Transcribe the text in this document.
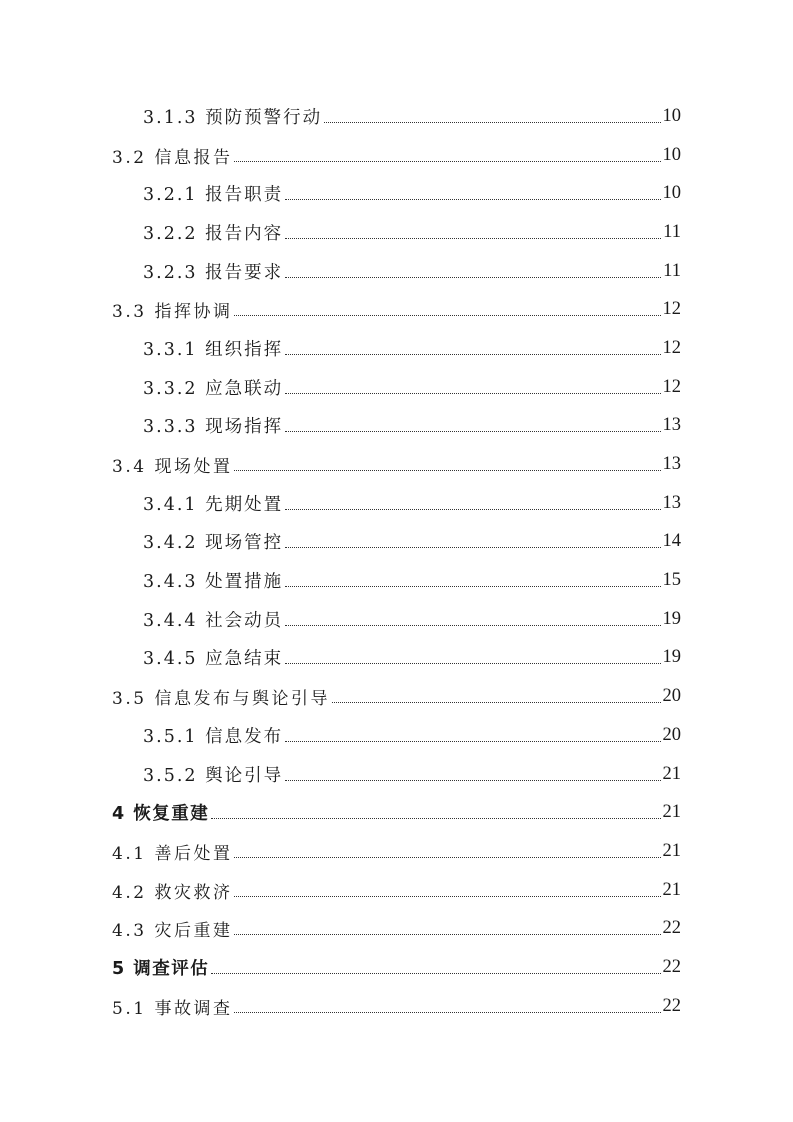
3.1.3 预防预警行动	10
3.2 信息报告	10
3.2.1 报告职责	10
3.2.2 报告内容	11
3.2.3 报告要求	11
3.3 指挥协调	12
3.3.1 组织指挥	12
3.3.2 应急联动	12
3.3.3 现场指挥	13
3.4 现场处置	13
3.4.1 先期处置	13
3.4.2 现场管控	14
3.4.3 处置措施	15
3.4.4 社会动员	19
3.4.5 应急结束	19
3.5 信息发布与舆论引导	20
3.5.1 信息发布	20
3.5.2 舆论引导	21
4 恢复重建	21
4.1 善后处置	21
4.2 救灾救济	21
4.3 灾后重建	22
5 调查评估	22
5.1 事故调查	22
